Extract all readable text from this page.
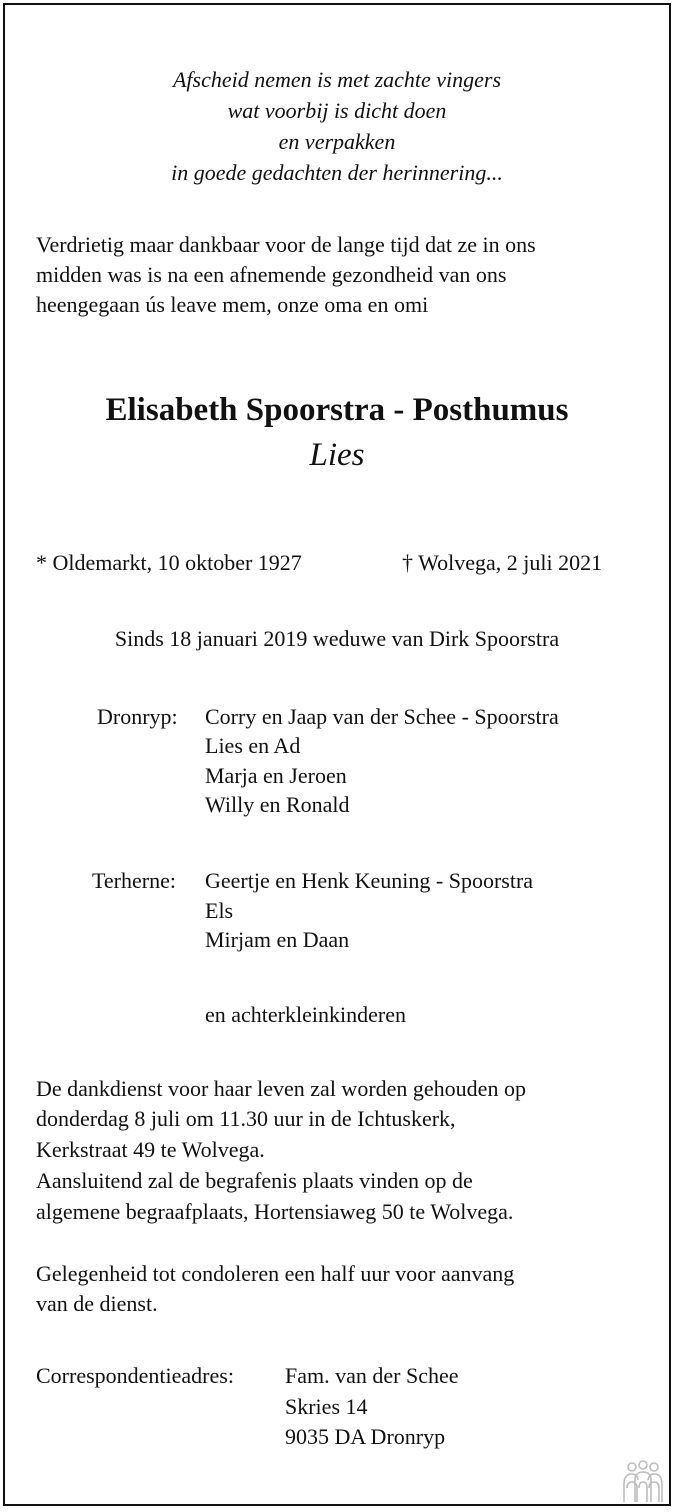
Afscheid nemen is met zachte vingers
wat voorbij is dicht doen
en verpakken
in goede gedachten der herinnering...
Verdrietig maar dankbaar voor de lange tijd dat ze in ons
midden was is na een afnemende gezondheid van ons
heengegaan ús leave mem, onze oma en omi
Elisabeth Spoorstra - Posthumus
Lies
* Oldemarkt, 10 oktober 1927	† Wolvega, 2 juli 2021
Sinds 18 januari 2019 weduwe van Dirk Spoorstra
Dronryp: Corry en Jaap van der Schee - Spoorstra
Lies en Ad
Marja en Jeroen
Willy en Ronald
Terherne: Geertje en Henk Keuning - Spoorstra
Els
Mirjam en Daan
en achterkleinkinderen
De dankdienst voor haar leven zal worden gehouden op
donderdag 8 juli om 11.30 uur in de Ichtuskerk,
Kerkstraat 49 te Wolvega.
Aansluitend zal de begrafenis plaats vinden op de
algemene begraafplaats, Hortensiaweg 50 te Wolvega.
Gelegenheid tot condoleren een half uur voor aanvang
van de dienst.
Correspondentieadres: Fam. van der Schee
Skries 14
9035 DA Dronryp
